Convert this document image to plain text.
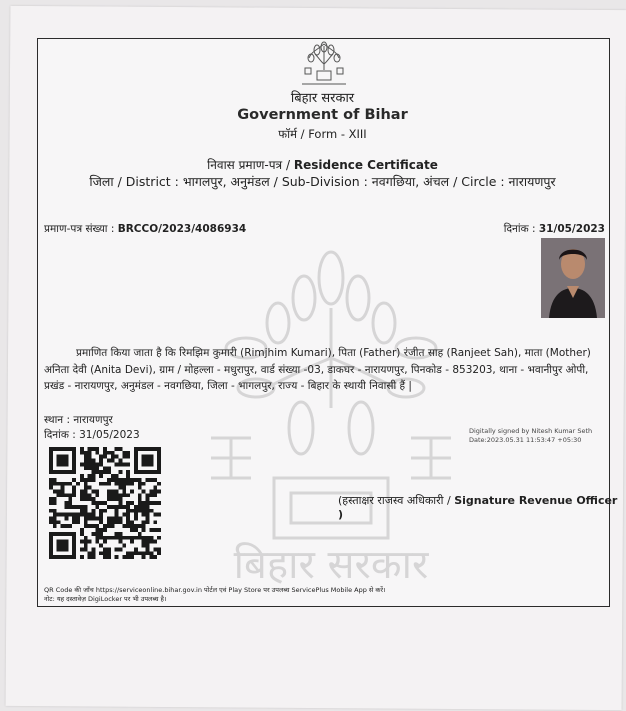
बिहार सरकार
Government of Bihar
फॉर्म / Form - XIII
निवास प्रमाण-पत्र / Residence Certificate
जिला / District : भागलपुर, अनुमंडल / Sub-Division : नवगछिया, अंचल / Circle : नारायणपुर
प्रमाण-पत्र संख्या : BRCCO/2023/4086934	दिनांक : 31/05/2023
बिहार सरकार
प्रमाणित किया जाता है कि रिमझिम कुमारी (Rimjhim Kumari), पिता (Father) रंजीत साह (Ranjeet Sah), माता (Mother) अनिता देवी (Anita Devi), ग्राम / मोहल्ला - मधुरापुर, वार्ड संख्या -03, डाकघर - नारायणपुर, पिनकोड - 853203, थाना - भवानीपुर ओपी, प्रखंड - नारायणपुर, अनुमंडल - नवगछिया, जिला - भागलपुर, राज्य - बिहार के स्थायी निवासी हैं |
स्थान : नारायणपुर
दिनांक : 31/05/2023	Digitally signed by Nitesh Kumar Seth
Date:2023.05.31 11:53:47 +05:30
(हस्ताक्षर राजस्व अधिकारी / Signature Revenue Officer )
QR Code की जाँच https://serviceonline.bihar.gov.in पोर्टल एवं Play Store पर उपलब्ध ServicePlus Mobile App से करें।
नोट: यह दस्तावेज़ DigiLocker पर भी उपलब्ध है।
